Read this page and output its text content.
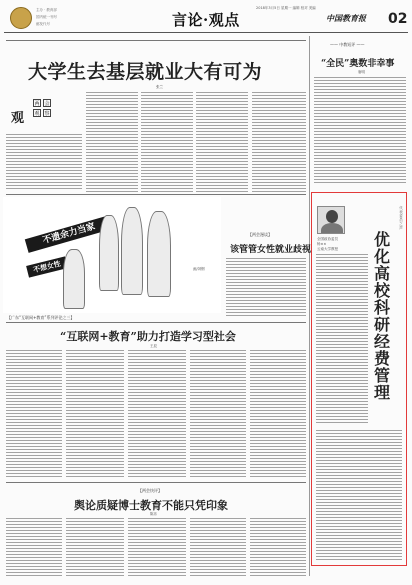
主办 · 教育部
国内统一刊号
邮发代号	言论·观点
2018年3月5日 星期一 编辑 校对 美编
中国教育报 02
—— 中教短评 ——
“全民”奥数非幸事
唐明
大学生去基层就业大有可为
张兰
观
两 会
观 察
不遗余力当家
不想女性	画/刘钢
【广东“互联网+教育”系列评论之三】
【两会漫谈】
该管管女性就业歧视
“互联网+教育”助力打造学习型社会
王辰
【两会快评】
舆论质疑博士教育不能只凭印象
陈乐
代表委员之声
全国政协委员
杨××
云南大学教授 优化高校科研经费管理
